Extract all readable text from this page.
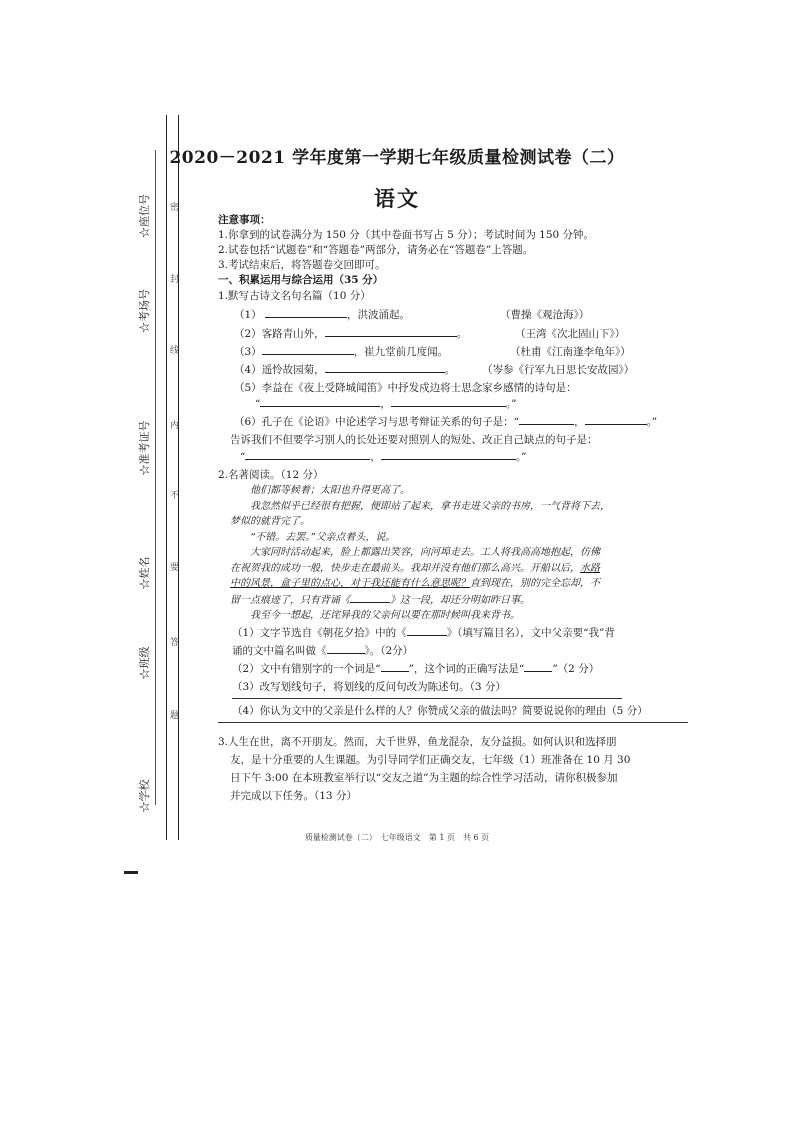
☆座位号
☆考场号
☆准考证号
☆姓名
☆班级
☆学校
密
封
线
内
不
要
答
题
2020－2021 学年度第一学期七年级质量检测试卷（二）
语文
注意事项：
1.你拿到的试卷满分为 150 分（其中卷面书写占 5 分）；考试时间为 150 分钟。
2.试卷包括“试题卷”和“答题卷”两部分，请务必在“答题卷”上答题。
3.考试结束后，将答题卷交回即可。
一、积累运用与综合运用（35 分）
1.默写古诗文名句名篇（10 分）
（1）	，洪波涌起。	（曹操《观沧海》）
（2）客路青山外，	。	（王湾《次北固山下》）
（3）	，崔九堂前几度闻。	（杜甫《江南逢李龟年》）
（4）遥怜故园菊，	。	（岑参《行军九日思长安故园》）
（5）李益在《夜上受降城闻笛》中抒发戍边将士思念家乡感情的诗句是：
“	，	。”
（6）孔子在《论语》中论述学习与思考辩证关系的句子是：“	，	。”
告诉我们不但要学习别人的长处还要对照别人的短处、改正自己缺点的句子是：
“	，	。”
2.名著阅读。（12 分）

他们都等候着；太阳也升得更高了。

我忽然似乎已经很有把握，便即站了起来，拿书走进父亲的书房，一气背将下去，

梦似的就背完了。

“不错。去罢。”父亲点着头，说。

大家同时活动起来，脸上都露出笑容，向河埠走去。工人将我高高地抱起，仿佛

在祝贺我的成功一般，快步走在最前头。我却并没有他们那么高兴。开船以后，水路

中的风景，盒子里的点心，对于我还能有什么意思呢？直到现在，别的完全忘却，不

留一点痕迹了，只有背诵《	》这一段，却还分明如昨日事。

我至今一想起，还诧异我的父亲何以要在那时候叫我来背书。

（1）文字节选自《朝花夕拾》中的《	》（填写篇目名），文中父亲要“我”背
诵的文中篇名叫做《	》。（2分）
（2）文中有错别字的一个词是“	”，这个词的正确写法是“	”（2 分）
（3）改写划线句子，将划线的反问句改为陈述句。（3 分）
（4）你认为文中的父亲是什么样的人？你赞成父亲的做法吗？简要说说你的理由（5 分）

3.人生在世，离不开朋友。然而，大千世界，鱼龙混杂，友分益损。如何认识和选择朋

友，是十分重要的人生课题。为引导同学们正确交友，七年级（1）班准备在 10 月 30

日下午 3:00 在本班教室举行以“交友之道”为主题的综合性学习活动，请你积极参加

并完成以下任务。（13 分）

质量检测试卷（二）　七年级语文　第 1 页　共 6 页
